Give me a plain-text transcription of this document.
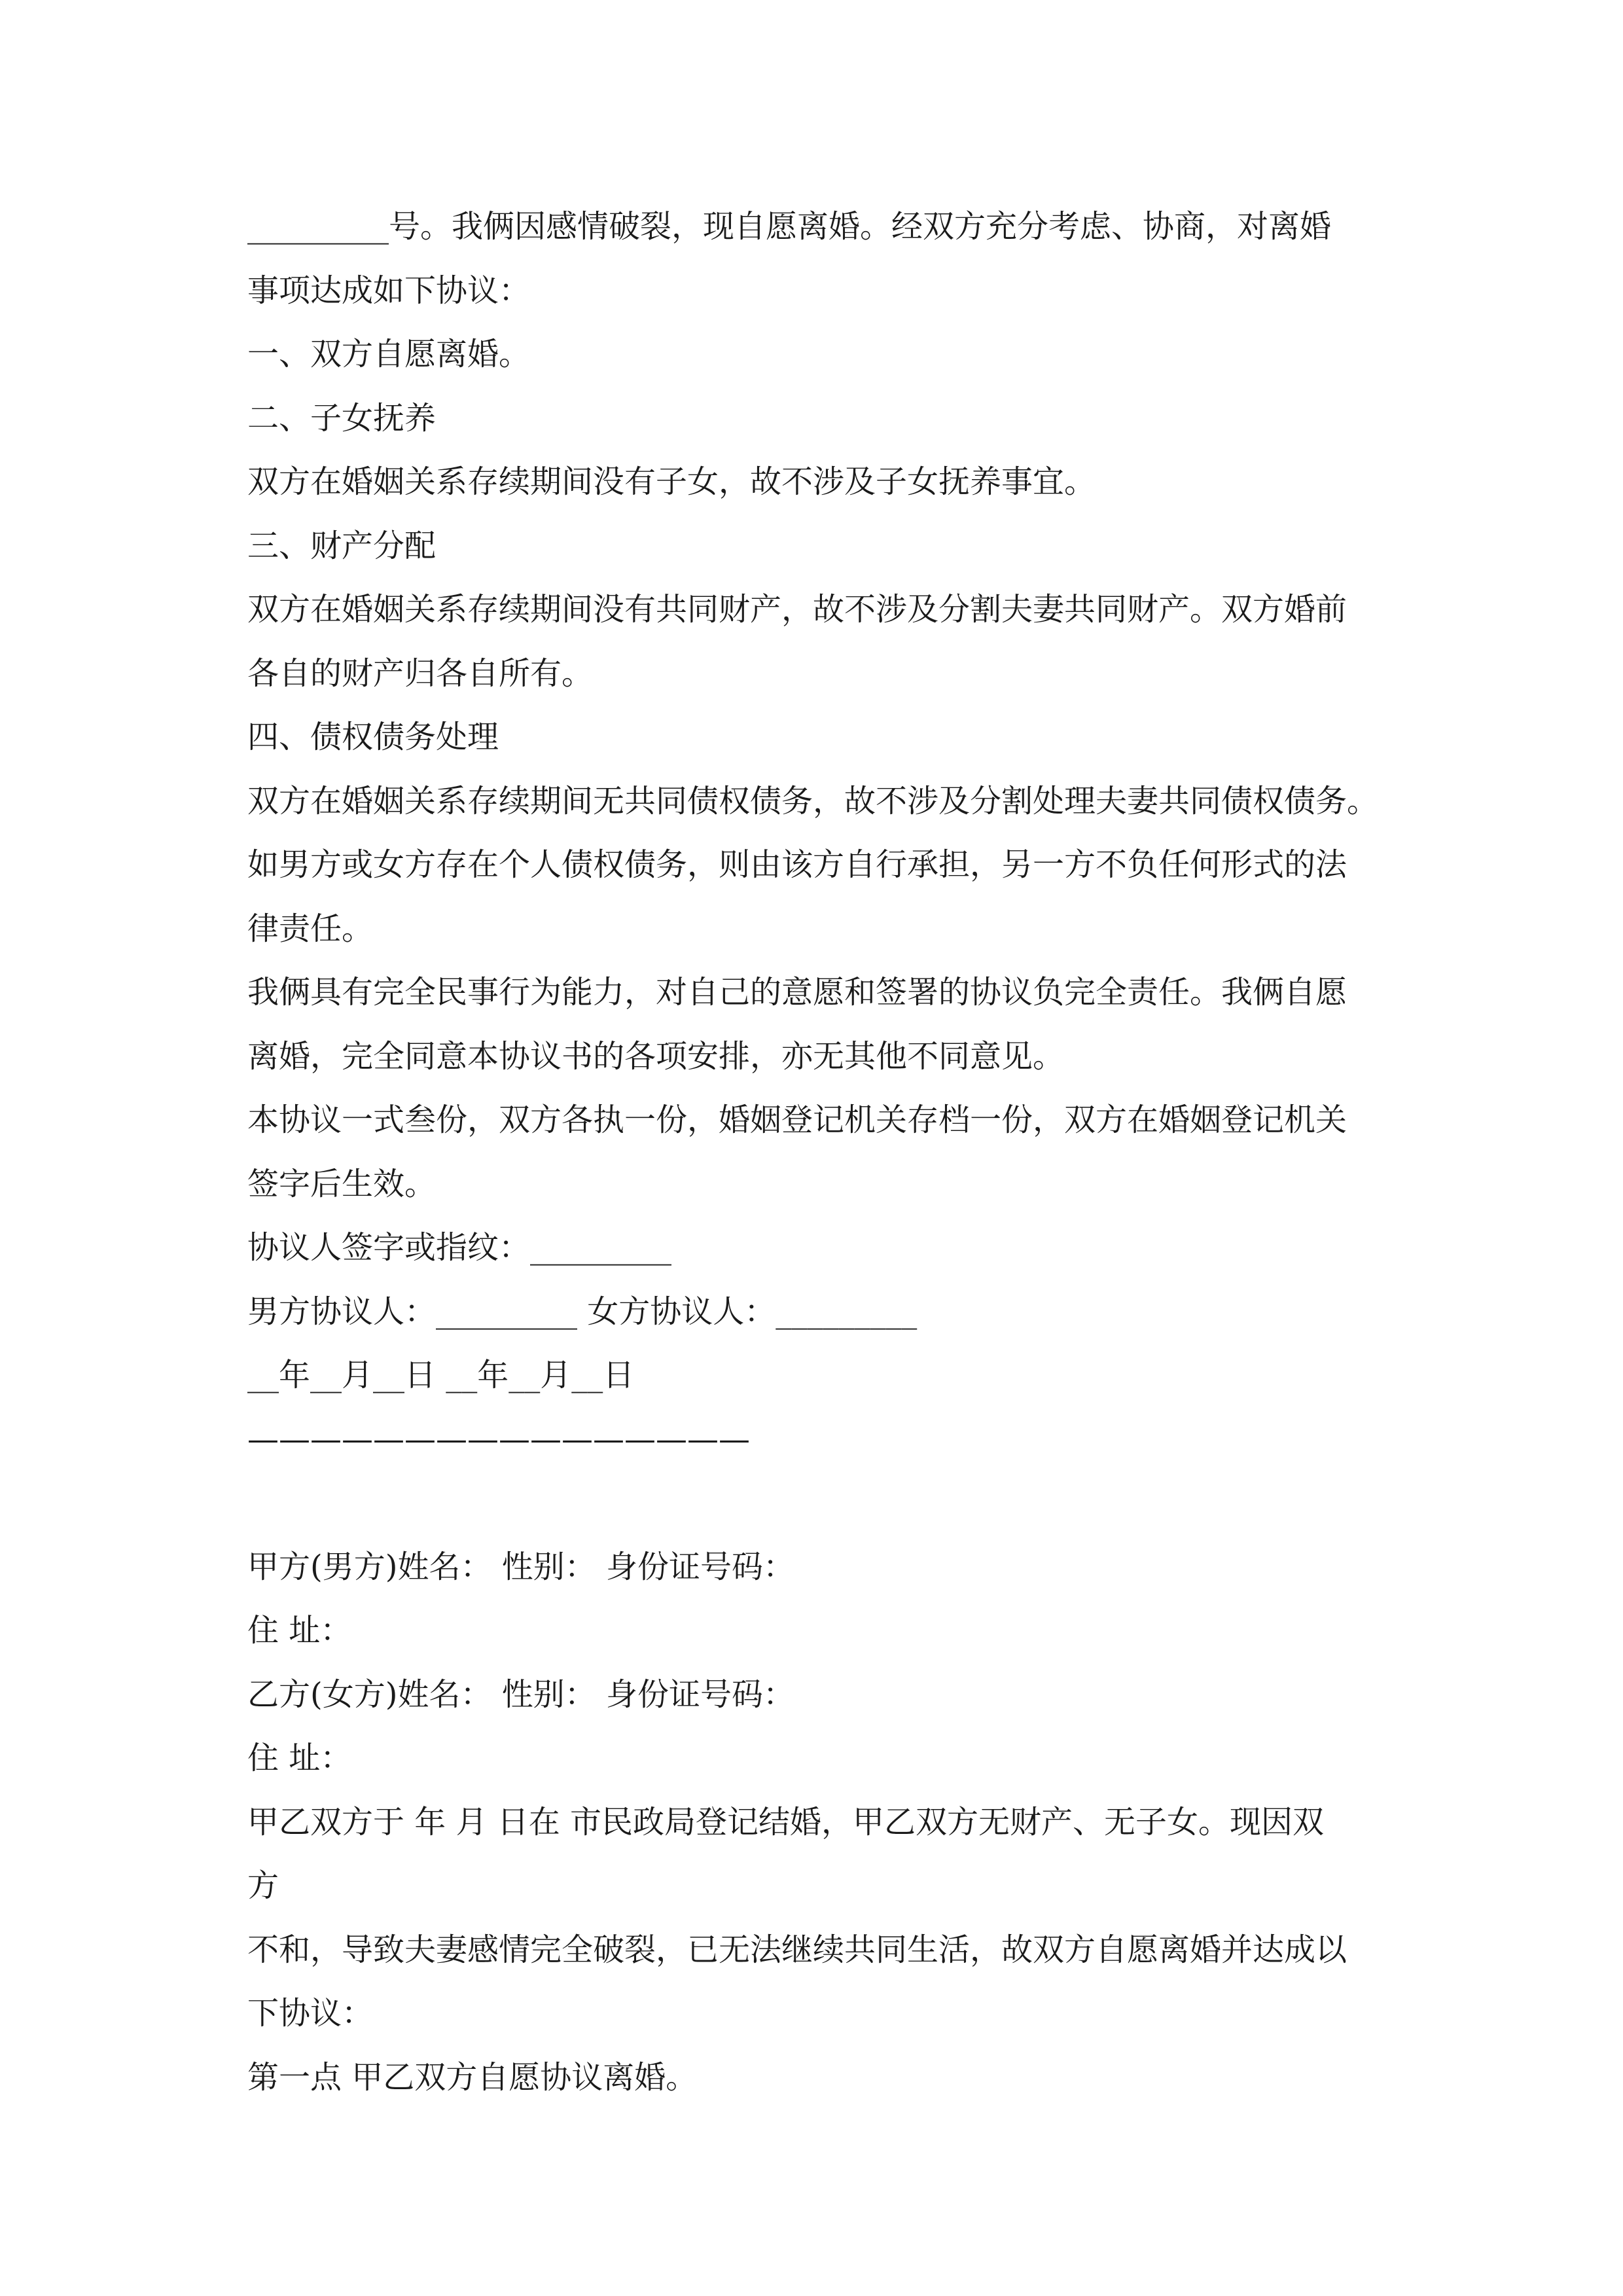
_________号。我俩因感情破裂，现自愿离婚。经双方充分考虑、协商，对离婚
事项达成如下协议：
一、双方自愿离婚。
二、子女抚养
双方在婚姻关系存续期间没有子女，故不涉及子女抚养事宜。
三、财产分配
双方在婚姻关系存续期间没有共同财产，故不涉及分割夫妻共同财产。双方婚前
各自的财产归各自所有。
四、债权债务处理
双方在婚姻关系存续期间无共同债权债务，故不涉及分割处理夫妻共同债权债务。
如男方或女方存在个人债权债务，则由该方自行承担，另一方不负任何形式的法
律责任。
我俩具有完全民事行为能力，对自己的意愿和签署的协议负完全责任。我俩自愿
离婚，完全同意本协议书的各项安排，亦无其他不同意见。
本协议一式叁份，双方各执一份，婚姻登记机关存档一份，双方在婚姻登记机关
签字后生效。
协议人签字或指纹：_________
男方协议人：_________ 女方协议人：_________
__年__月__日 __年__月__日
————————————————
甲方(男方)姓名： 性别： 身份证号码：
住 址：
乙方(女方)姓名： 性别： 身份证号码：
住 址：
甲乙双方于 年 月 日在 市民政局登记结婚，甲乙双方无财产、无子女。现因双
方
不和，导致夫妻感情完全破裂，已无法继续共同生活，故双方自愿离婚并达成以
下协议：
第一点 甲乙双方自愿协议离婚。
